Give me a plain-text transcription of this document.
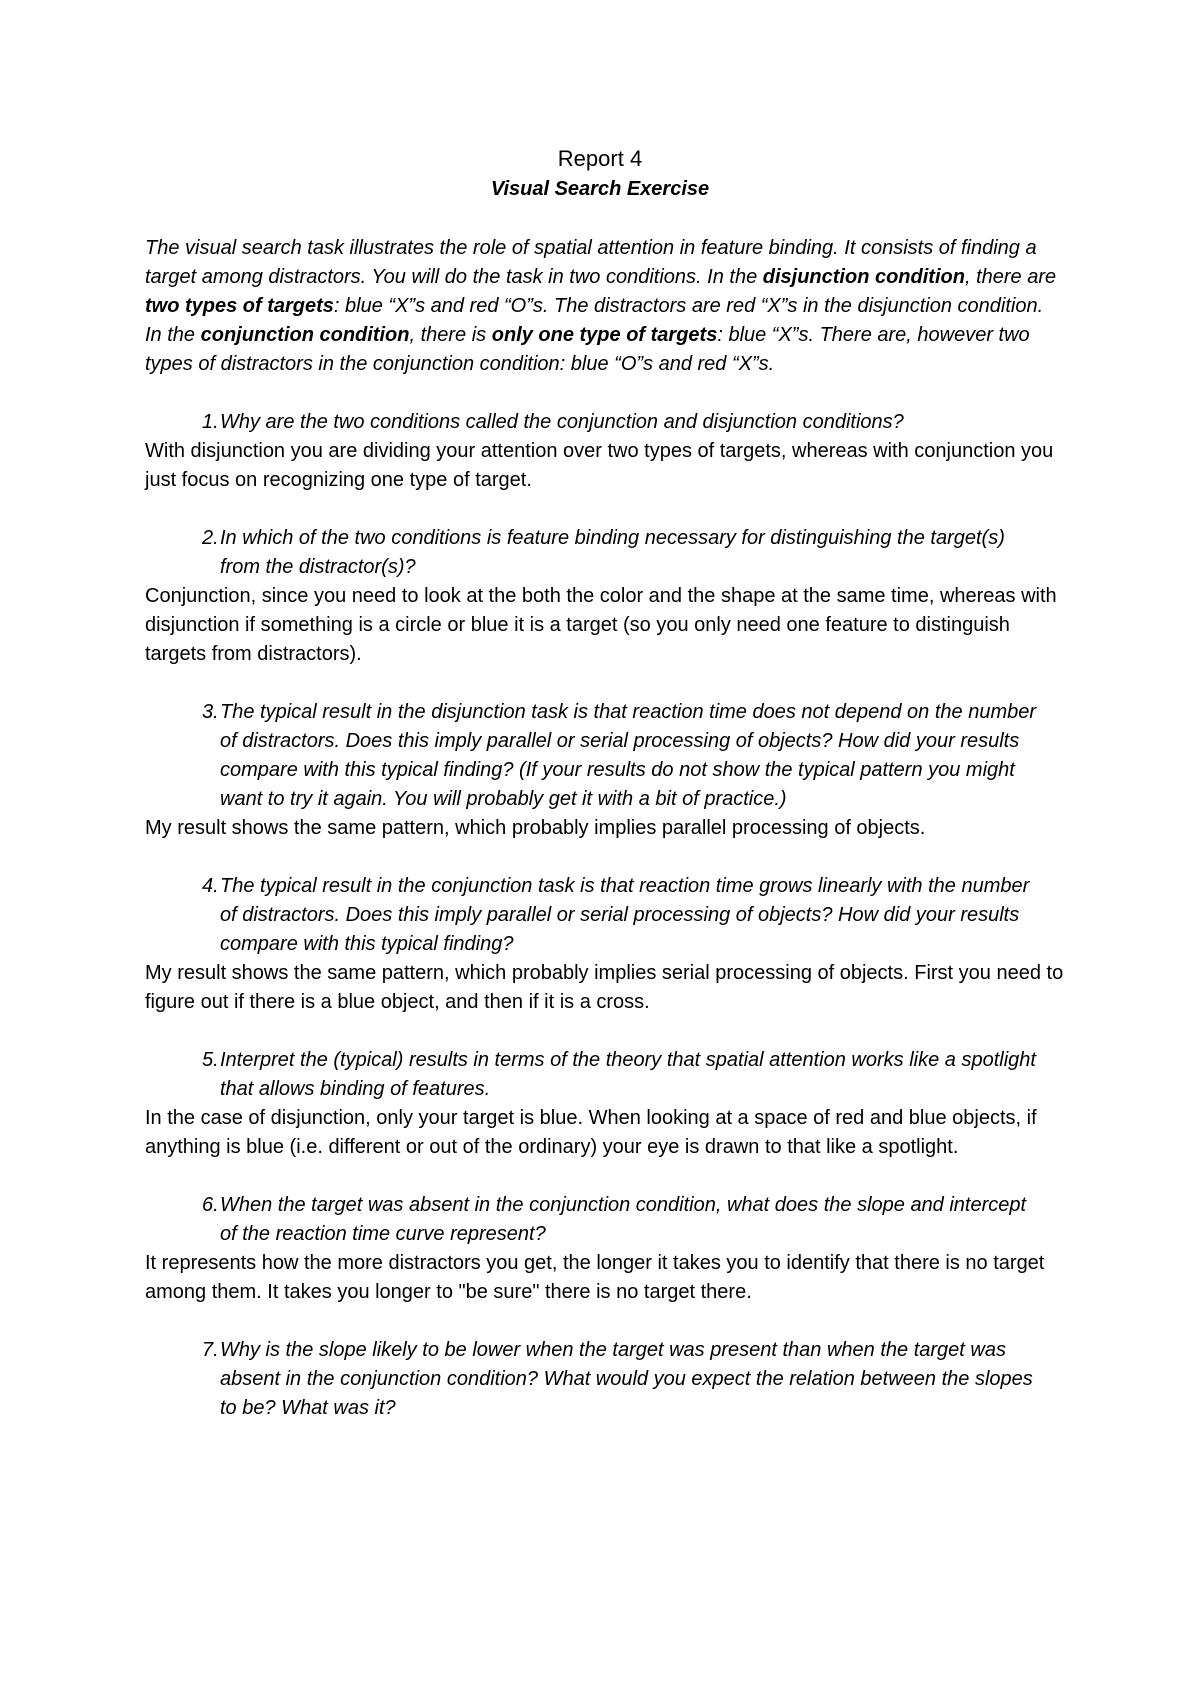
Report 4
Visual Search Exercise

The visual search task illustrates the role of spatial attention in feature binding. It consists of finding a target among distractors. You will do the task in two conditions. In the disjunction condition, there are two types of targets: blue “X”s and red “O”s. The distractors are red “X”s in the disjunction condition. In the conjunction condition, there is only one type of targets: blue “X”s. There are, however two types of distractors in the conjunction condition: blue “O”s and red “X”s.

1. Why are the two conditions called the conjunction and disjunction conditions?

With disjunction you are dividing your attention over two types of targets, whereas with conjunction you just focus on recognizing one type of target.

2. In which of the two conditions is feature binding necessary for distinguishing the target(s) from the distractor(s)?

Conjunction, since you need to look at the both the color and the shape at the same time, whereas with disjunction if something is a circle or blue it is a target (so you only need one feature to distinguish targets from distractors).

3. The typical result in the disjunction task is that reaction time does not depend on the number of distractors. Does this imply parallel or serial processing of objects? How did your results compare with this typical finding? (If your results do not show the typical pattern you might want to try it again. You will probably get it with a bit of practice.)

My result shows the same pattern, which probably implies parallel processing of objects.

4. The typical result in the conjunction task is that reaction time grows linearly with the number of distractors. Does this imply parallel or serial processing of objects? How did your results compare with this typical finding?

My result shows the same pattern, which probably implies serial processing of objects. First you need to figure out if there is a blue object, and then if it is a cross.

5. Interpret the (typical) results in terms of the theory that spatial attention works like a spotlight that allows binding of features.

In the case of disjunction, only your target is blue. When looking at a space of red and blue objects, if anything is blue (i.e. different or out of the ordinary) your eye is drawn to that like a spotlight.

6. When the target was absent in the conjunction condition, what does the slope and intercept of the reaction time curve represent?

It represents how the more distractors you get, the longer it takes you to identify that there is no target among them. It takes you longer to "be sure" there is no target there.

7. Why is the slope likely to be lower when the target was present than when the target was absent in the conjunction condition? What would you expect the relation between the slopes to be? What was it?
